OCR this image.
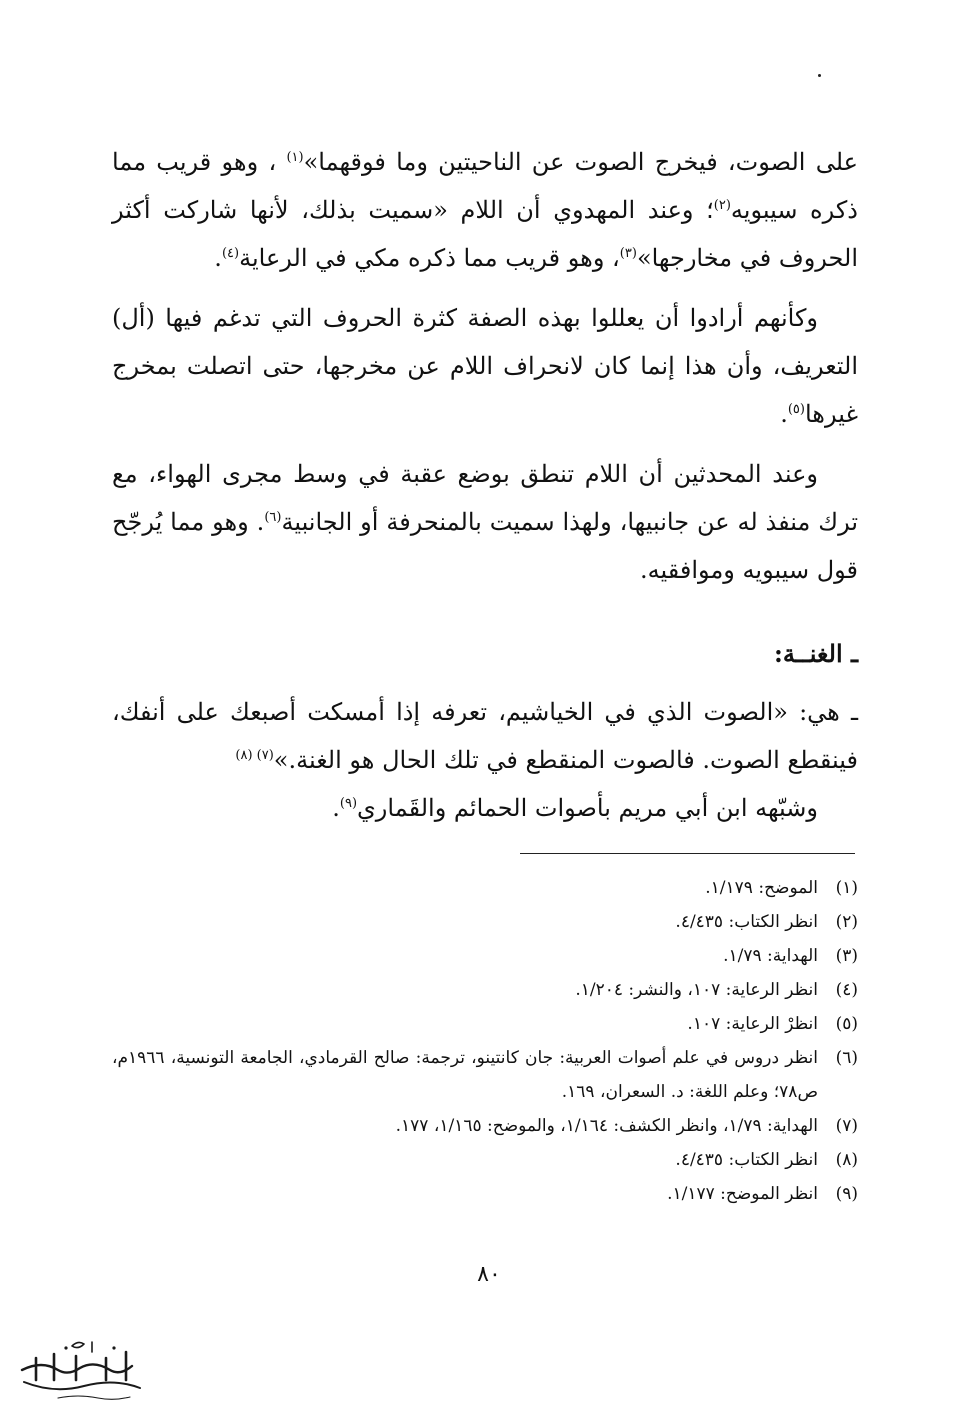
على الصوت، فيخرج الصوت عن الناحيتين وما فوقهما»$^{(١)}$ ، وهو قريب مما ذكره سيبويه$^{(٢)}$؛ وعند المهدوي أن اللام «سميت بذلك، لأنها شاركت أكثر الحروف في مخارجها»$^{(٣)}$، وهو قريب مما ذكره مكي في الرعاية$^{(٤)}$.

وكأنهم أرادوا أن يعللوا بهذه الصفة كثرة الحروف التي تدغم فيها (أل) التعريف، وأن هذا إنما كان لانحراف اللام عن مخرجها، حتى اتصلت بمخرج غيرها$^{(٥)}$.

وعند المحدثين أن اللام تنطق بوضع عقبة في وسط مجرى الهواء، مع ترك منفذ له عن جانبيها، ولهذا سميت بالمنحرفة أو الجانبية$^{(٦)}$. وهو مما يُرجّح قول سيبويه وموافقيه.

ـ الغنــة:

ـ هي: «الصوت الذي في الخياشيم، تعرفه إذا أمسكت أصبعك على أنفك، فينقطع الصوت. فالصوت المنقطع في تلك الحال هو الغنة.»$^{(٧) (٨)}$

وشبّهه ابن أبي مريم بأصوات الحمائم والقَماري$^{(٩)}$.

(١)
الموضح: ١/١٧٩.
(٢)
انظر الكتاب: ٤/٤٣٥.
(٣)
الهداية: ١/٧٩.
(٤)
انظر الرعاية: ١٠٧، والنشر: ١/٢٠٤.
(٥)
انظرْ الرعاية: ١٠٧.
(٦)
انظر دروس في علم أصوات العربية: جان كانتينو، ترجمة: صالح القرمادي، الجامعة التونسية، ١٩٦٦م، ص٧٨؛ وعلم اللغة: د. السعران، ١٦٩.
(٧)
الهداية: ١/٧٩، وانظر الكشف: ١/١٦٤، والموضح: ١/١٦٥، ١٧٧.
(٨)
انظر الكتاب: ٤/٤٣٥.
(٩)
انظر الموضح: ١/١٧٧.
٨٠
